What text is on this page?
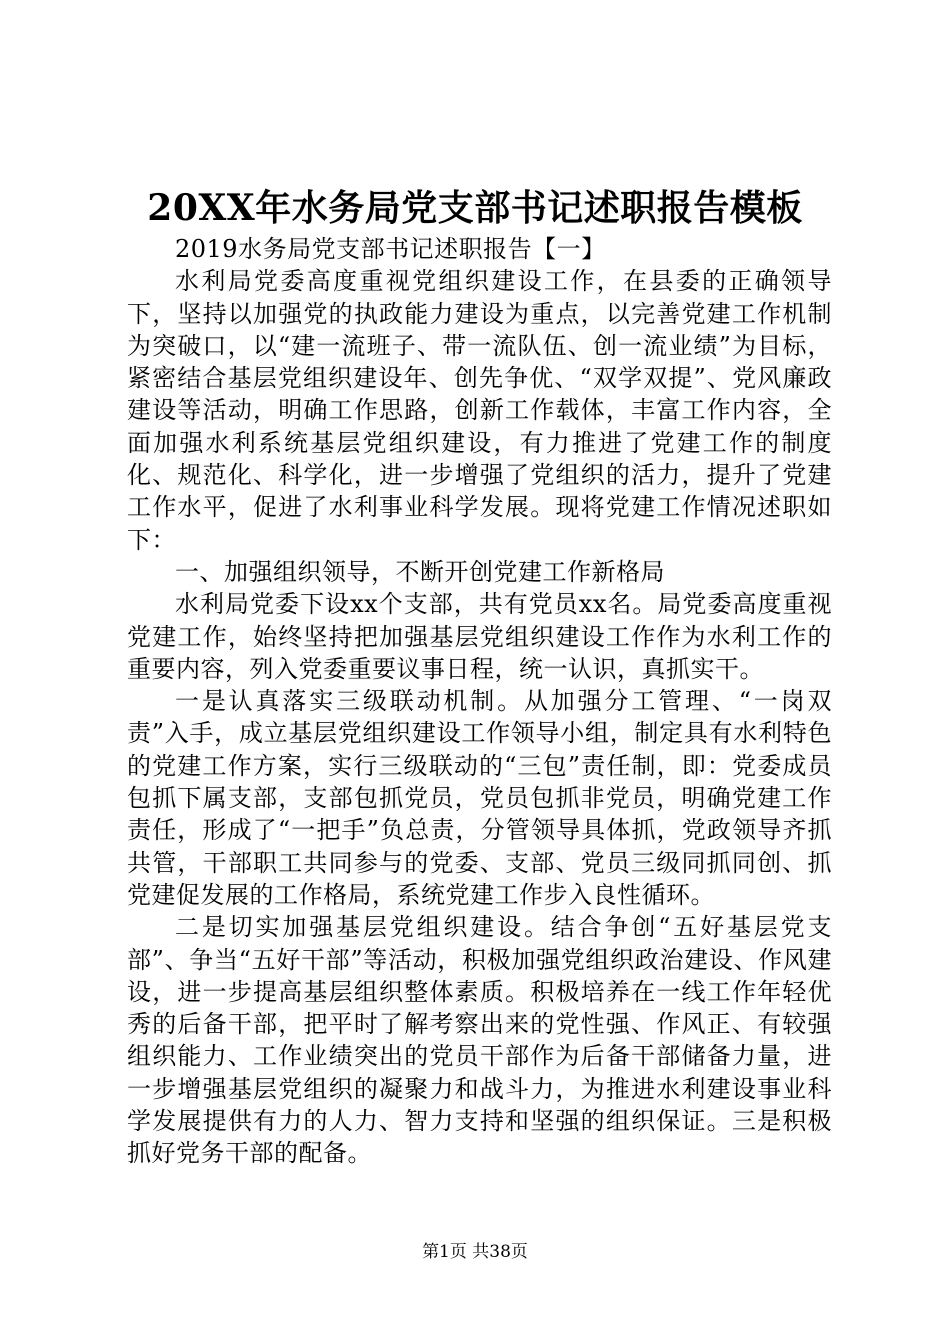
20XX年水务局党支部书记述职报告模板

2019水务局党支部书记述职报告【一】

水利局党委高度重视党组织建设工作，在县委的正确领导下，坚持以加强党的执政能力建设为重点，以完善党建工作机制为突破口，以“建一流班子、带一流队伍、创一流业绩”为目标，紧密结合基层党组织建设年、创先争优、“双学双提”、党风廉政建设等活动，明确工作思路，创新工作载体，丰富工作内容，全面加强水利系统基层党组织建设，有力推进了党建工作的制度化、规范化、科学化，进一步增强了党组织的活力，提升了党建工作水平，促进了水利事业科学发展。现将党建工作情况述职如下：

一、加强组织领导，不断开创党建工作新格局

水利局党委下设xx个支部，共有党员xx名。局党委高度重视党建工作，始终坚持把加强基层党组织建设工作作为水利工作的重要内容，列入党委重要议事日程，统一认识，真抓实干。

一是认真落实三级联动机制。从加强分工管理、“一岗双责”入手，成立基层党组织建设工作领导小组，制定具有水利特色的党建工作方案，实行三级联动的“三包”责任制，即：党委成员包抓下属支部，支部包抓党员，党员包抓非党员，明确党建工作责任，形成了“一把手”负总责，分管领导具体抓，党政领导齐抓共管，干部职工共同参与的党委、支部、党员三级同抓同创、抓党建促发展的工作格局，系统党建工作步入良性循环。

二是切实加强基层党组织建设。结合争创“五好基层党支部”、争当“五好干部”等活动，积极加强党组织政治建设、作风建设，进一步提高基层组织整体素质。积极培养在一线工作年轻优秀的后备干部，把平时了解考察出来的党性强、作风正、有较强组织能力、工作业绩突出的党员干部作为后备干部储备力量，进一步增强基层党组织的凝聚力和战斗力，为推进水利建设事业科学发展提供有力的人力、智力支持和坚强的组织保证。三是积极抓好党务干部的配备。

第1页 共38页
